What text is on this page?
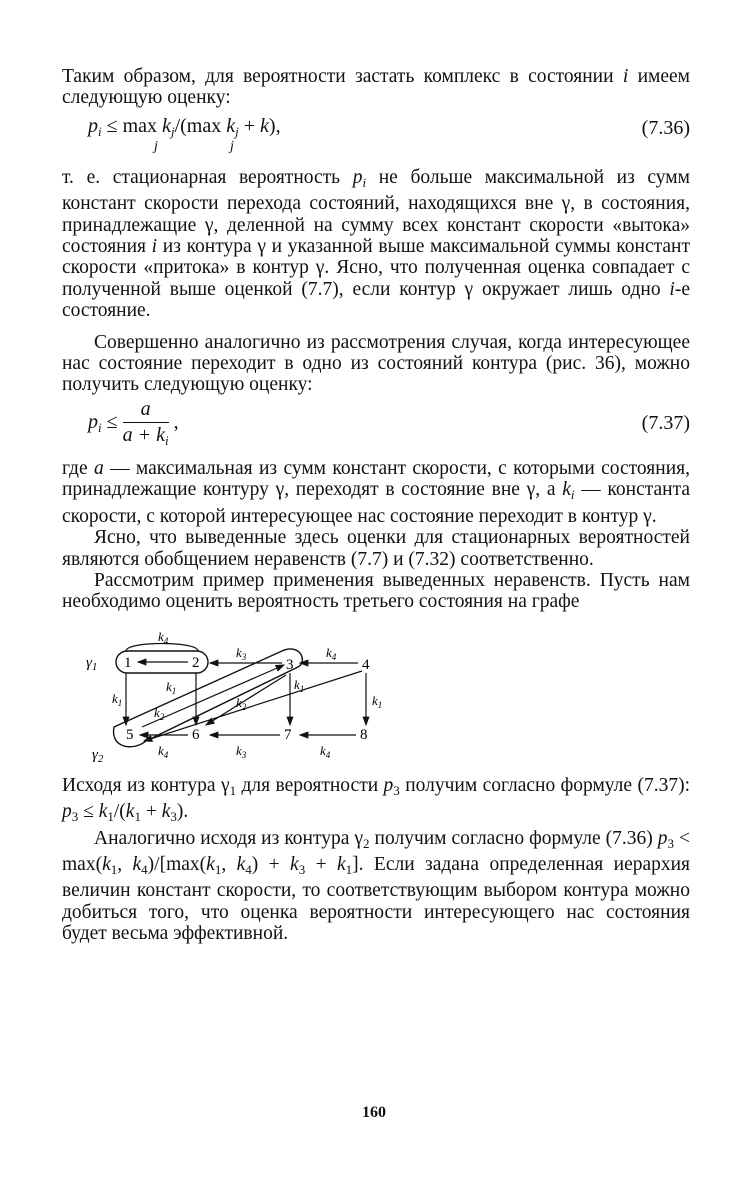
Таким образом, для вероятности застать комплекс в состоянии i имеем следующую оценку:

$p_i \le \max k_j/(\max$ $k_j + k$),
j	j
(7.36)

т. е. стационарная вероятность $p_i$ не больше максимальной из сумм констант скорости перехода состояний, находящихся вне γ, в состояния, принадлежащие γ, деленной на сумму всех констант скорости «вытока» состояния i из контура γ и указанной выше максимальной суммы констант скорости «притока» в контур γ. Ясно, что полученная оценка совпадает с полученной выше оценкой (7.7), если контур γ окружает лишь одно i-е состояние.

Совершенно аналогично из рассмотрения случая, когда интересующее нас состояние переходит в одно из состояний контура (рис. 36), можно получить следующую оценку:

$p_i \le \frac{a}{a + k_i}$ ,	(7.37)

где a — максимальная из сумм констант скорости, с которыми состояния, принадлежащие контуру γ, переходят в состояние вне γ, а $k_i$ — константа скорости, с которой интересующее нас состояние переходит в контур γ.

Ясно, что выведенные здесь оценки для стационарных вероятностей являются обобщением неравенств (7.7) и (7.32) соответственно.

Рассмотрим пример применения выведенных неравенств. Пусть нам необходимо оценить вероятность третьего состояния на графе

1	2	3	4
5	6	7	8
$\gamma_1$
$\gamma_2$
$k_4$
$k_3$	$k_4$
$k_1$
$k_1$	$k_1$
$k_2$
$k_2$
$k_4$	$k_3$	$k_4$
$k_1$

Исходя из контура $\gamma_1$ для вероятности $p_3$ получим согласно формуле (7.37): $p_3 \le k_1/(k_1 + k_3)$.

Аналогично исходя из контура $\gamma_2$ получим согласно формуле (7.36) $p_3 < \max(k_1$, $k_4)/[\max(k_1$, $k_4) + k_3 + k_1$]. Если задана определенная иерархия величин констант скорости, то соответствующим выбором контура можно добиться того, что оценка вероятности интересующего нас состояния будет весьма эффективной.

160
